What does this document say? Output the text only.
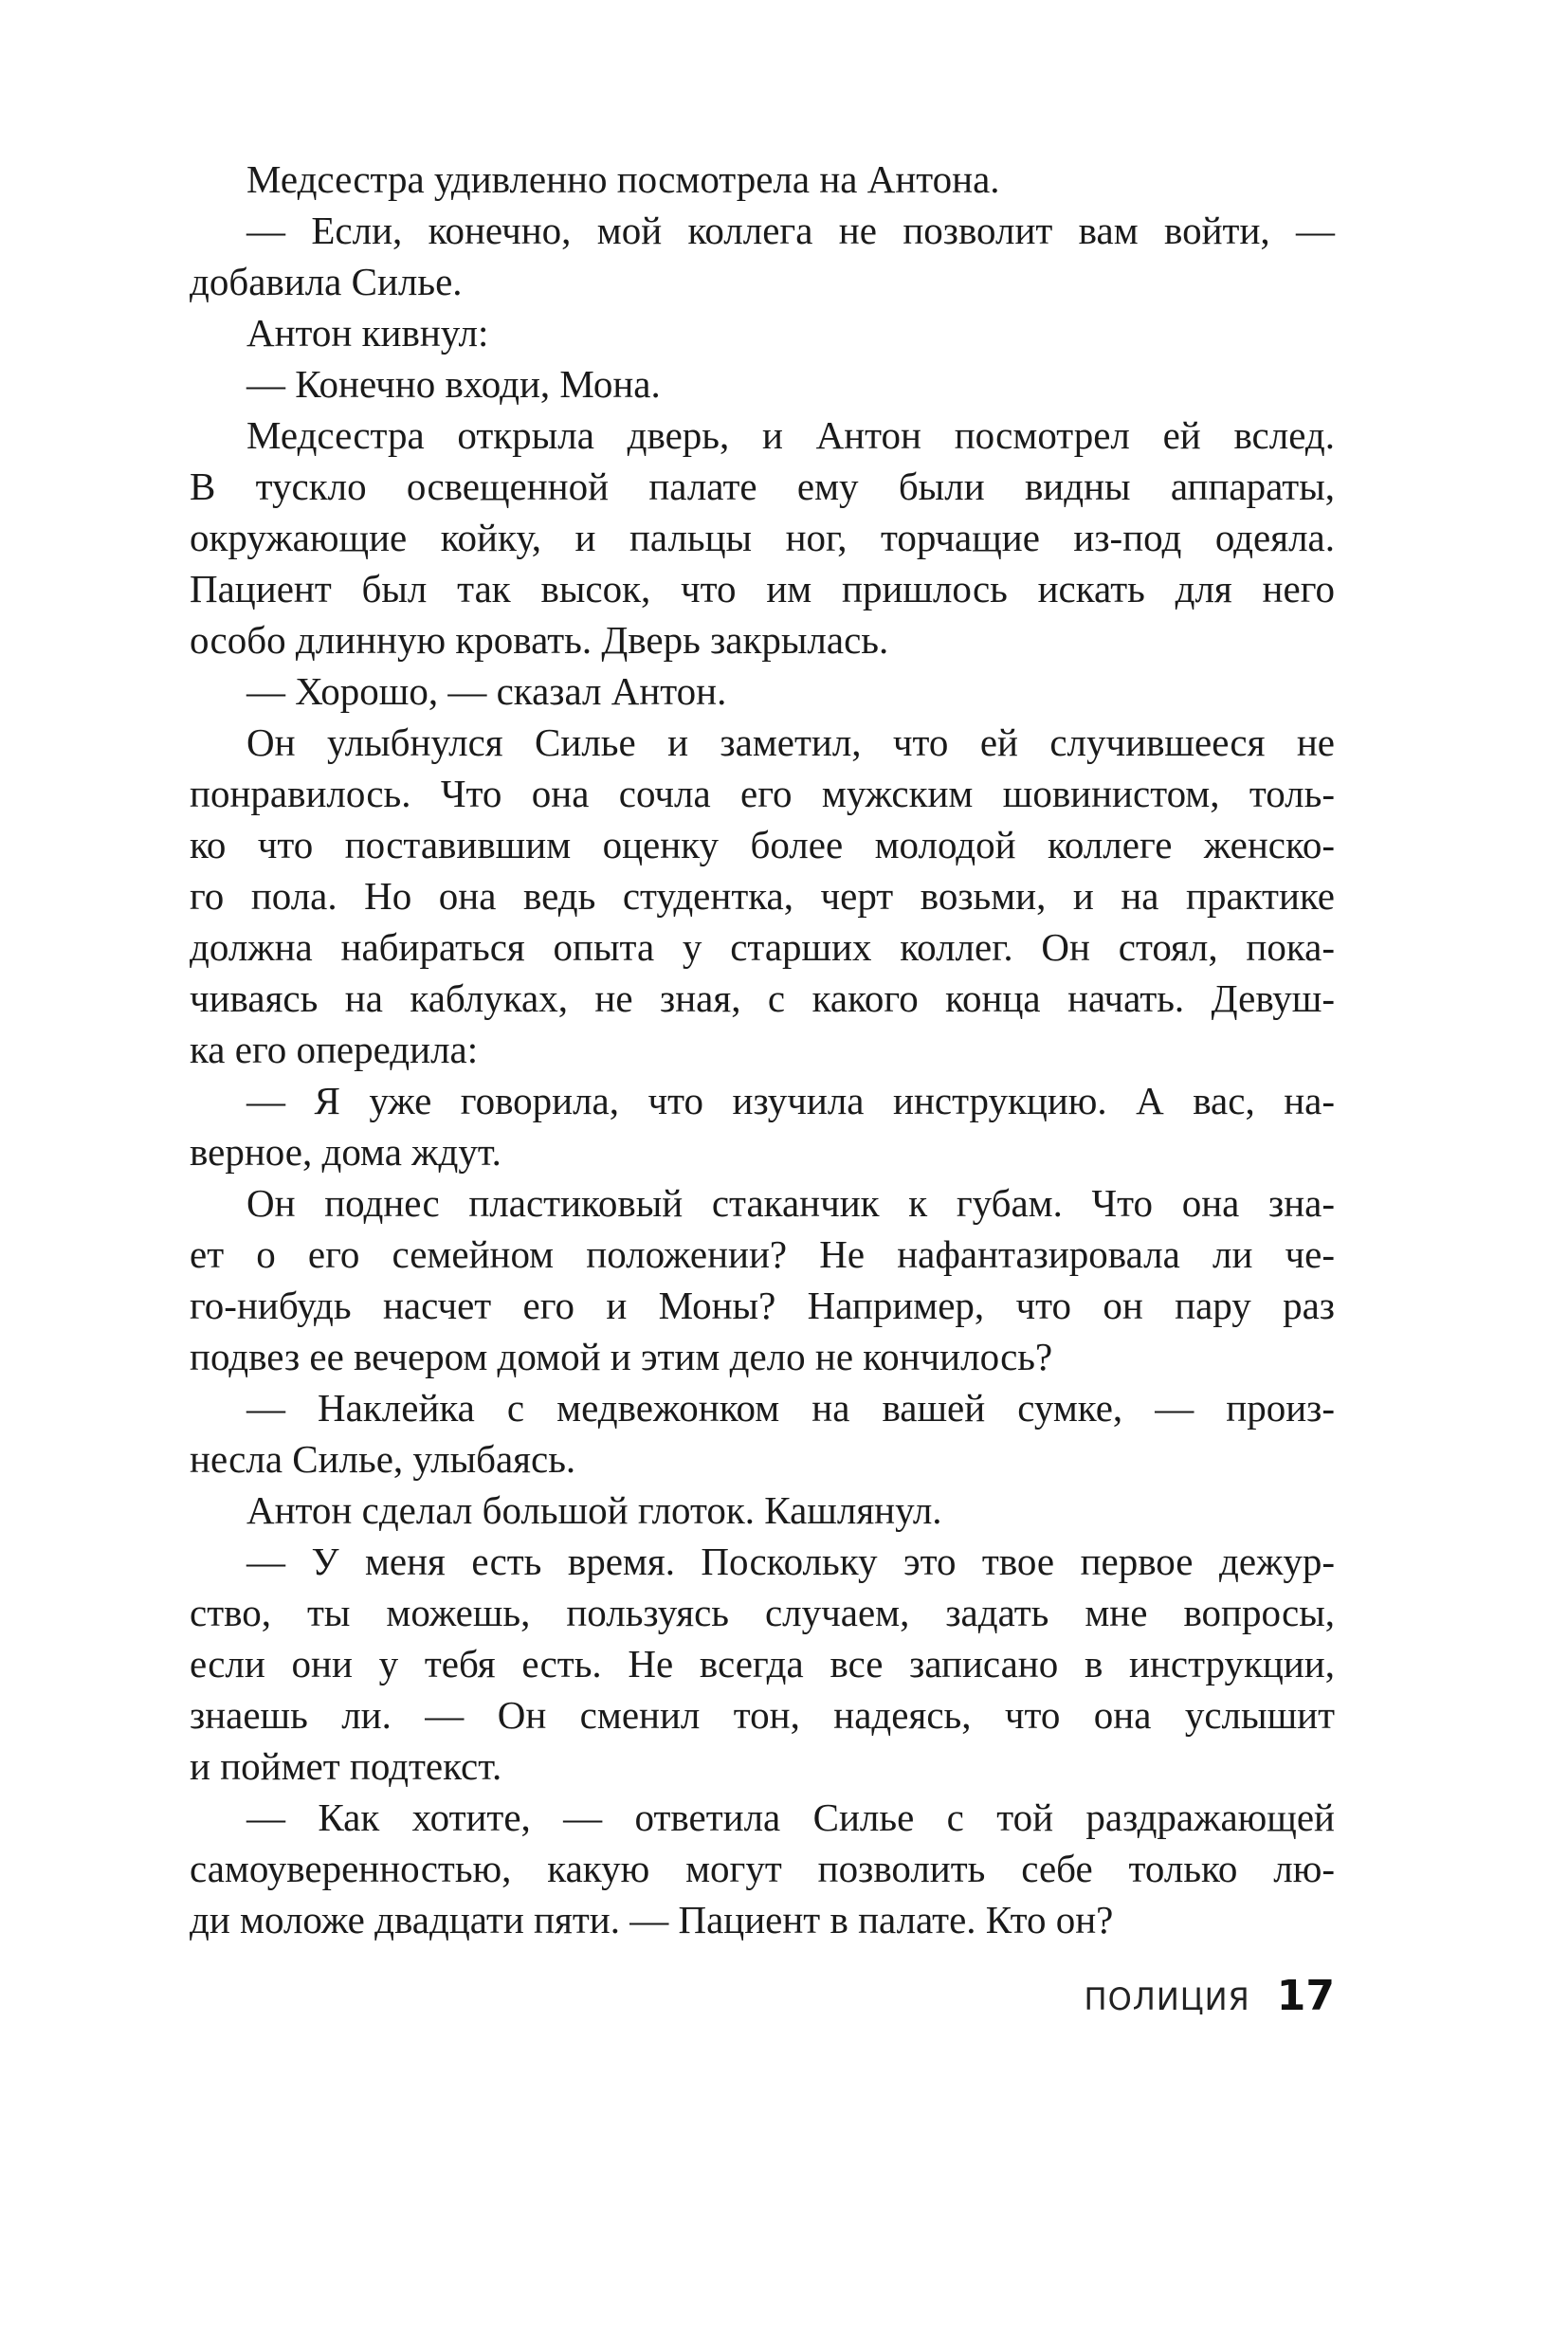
Медсестра удивленно посмотрела на Антона.
— Если, конечно, мой коллега не позволит вам войти, —
добавила Силье.
Антон кивнул:
— Конечно входи, Мона.
Медсестра открыла дверь, и Антон посмотрел ей вслед.
В тускло освещенной палате ему были видны аппараты,
окружающие койку, и пальцы ног, торчащие из-под одеяла.
Пациент был так высок, что им пришлось искать для него
особо длинную кровать. Дверь закрылась.
— Хорошо, — сказал Антон.
Он улыбнулся Силье и заметил, что ей случившееся не
понравилось. Что она сочла его мужским шовинистом, толь-
ко что поставившим оценку более молодой коллеге женско-
го пола. Но она ведь студентка, черт возьми, и на практике
должна набираться опыта у старших коллег. Он стоял, пока-
чиваясь на каблуках, не зная, с какого конца начать. Девуш-
ка его опередила:
— Я уже говорила, что изучила инструкцию. А вас, на-
верное, дома ждут.
Он поднес пластиковый стаканчик к губам. Что она зна-
ет о его семейном положении? Не нафантазировала ли че-
го-нибудь насчет его и Моны? Например, что он пару раз
подвез ее вечером домой и этим дело не кончилось?
— Наклейка с медвежонком на вашей сумке, — произ-
несла Силье, улыбаясь.
Антон сделал большой глоток. Кашлянул.
— У меня есть время. Поскольку это твое первое дежур-
ство, ты можешь, пользуясь случаем, задать мне вопросы,
если они у тебя есть. Не всегда все записано в инструкции,
знаешь ли. — Он сменил тон, надеясь, что она услышит
и поймет подтекст.
— Как хотите, — ответила Силье с той раздражающей
самоуверенностью, какую могут позволить себе только лю-
ди моложе двадцати пяти. — Пациент в палате. Кто он?
ПОЛИЦИЯ 17
